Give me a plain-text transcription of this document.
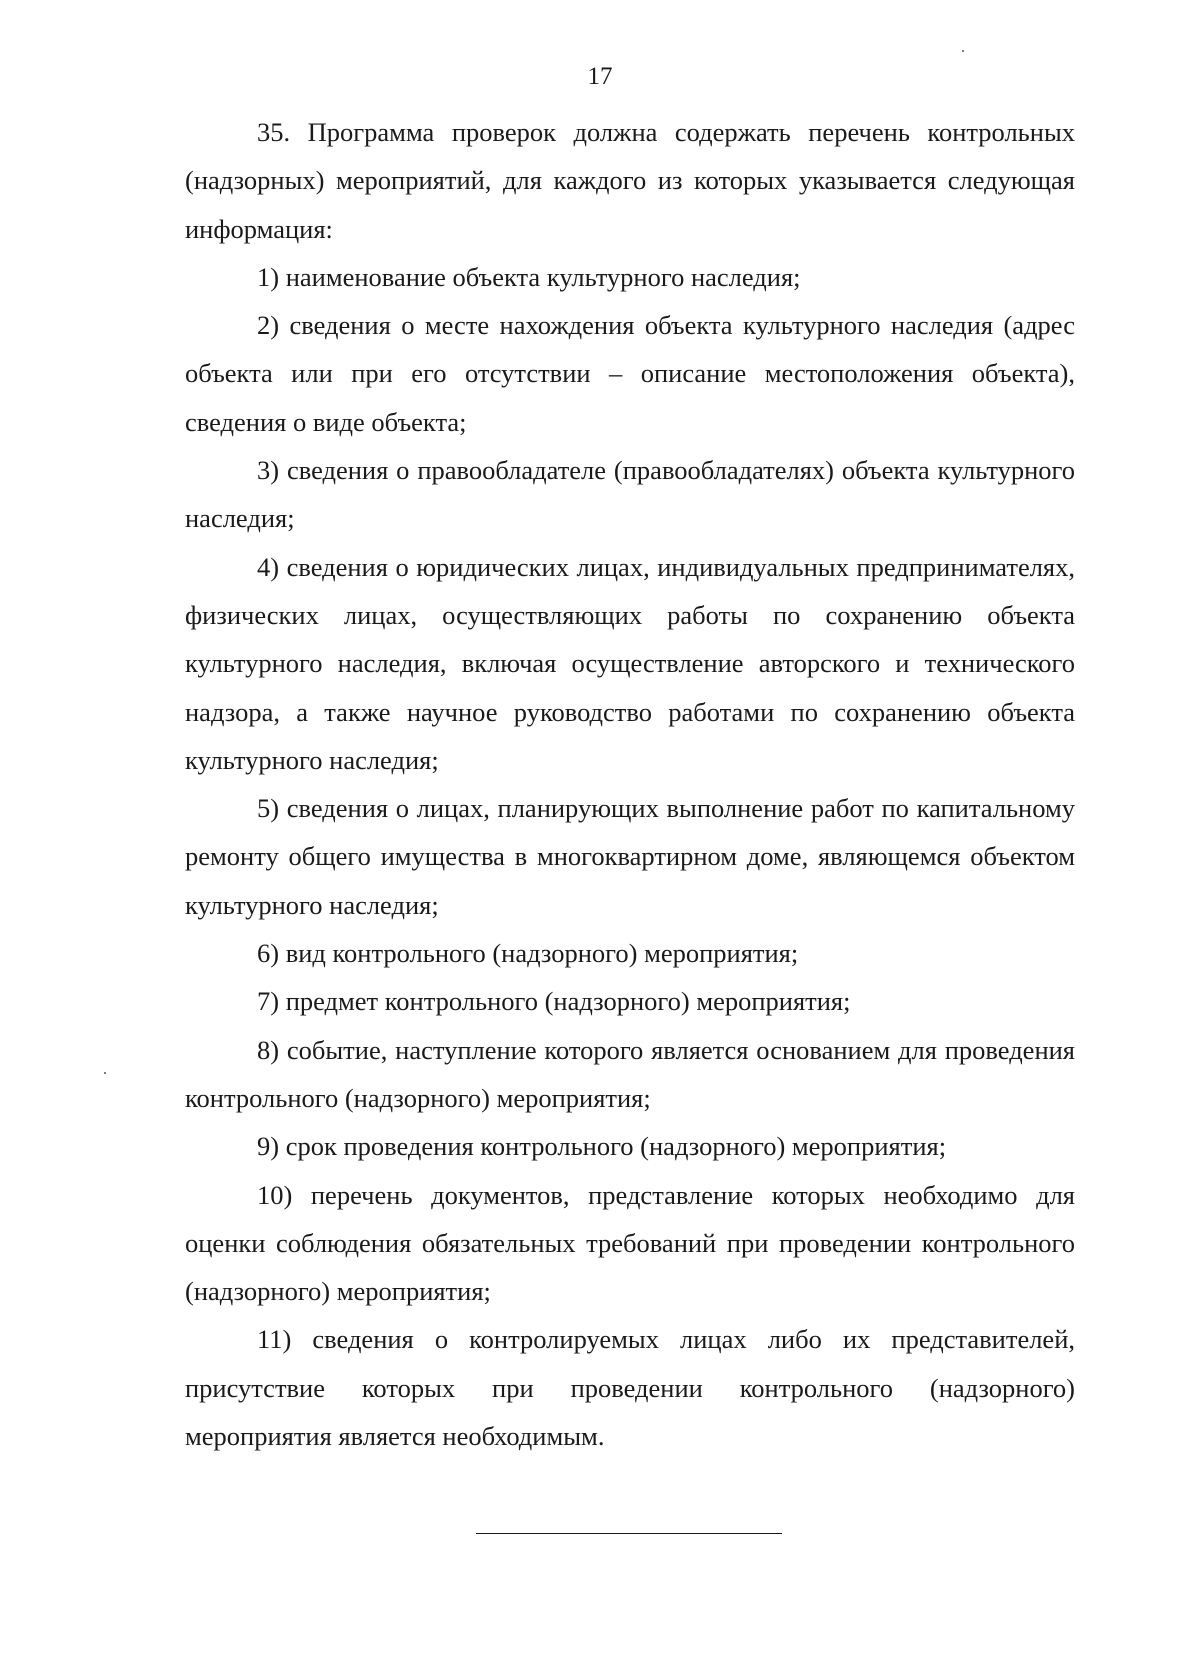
17

35. Программа проверок должна содержать перечень контрольных (надзорных) мероприятий, для каждого из которых указывается следующая информация:

1) наименование объекта культурного наследия;

2) сведения о месте нахождения объекта культурного наследия (адрес объекта или при его отсутствии – описание местоположения объекта), сведения о виде объекта;

3) сведения о правообладателе (правообладателях) объекта культурного наследия;

4) сведения о юридических лицах, индивидуальных предпринимателях, физических лицах, осуществляющих работы по сохранению объекта культурного наследия, включая осуществление авторского и технического надзора, а также научное руководство работами по сохранению объекта культурного наследия;

5) сведения о лицах, планирующих выполнение работ по капитальному ремонту общего имущества в многоквартирном доме, являющемся объектом культурного наследия;

6) вид контрольного (надзорного) мероприятия;

7) предмет контрольного (надзорного) мероприятия;

8) событие, наступление которого является основанием для проведения контрольного (надзорного) мероприятия;

9) срок проведения контрольного (надзорного) мероприятия;

10) перечень документов, представление которых необходимо для оценки соблюдения обязательных требований при проведении контрольного (надзорного) мероприятия;

11) сведения о контролируемых лицах либо их представителей, присутствие которых при проведении контрольного (надзорного) мероприятия является необходимым.
